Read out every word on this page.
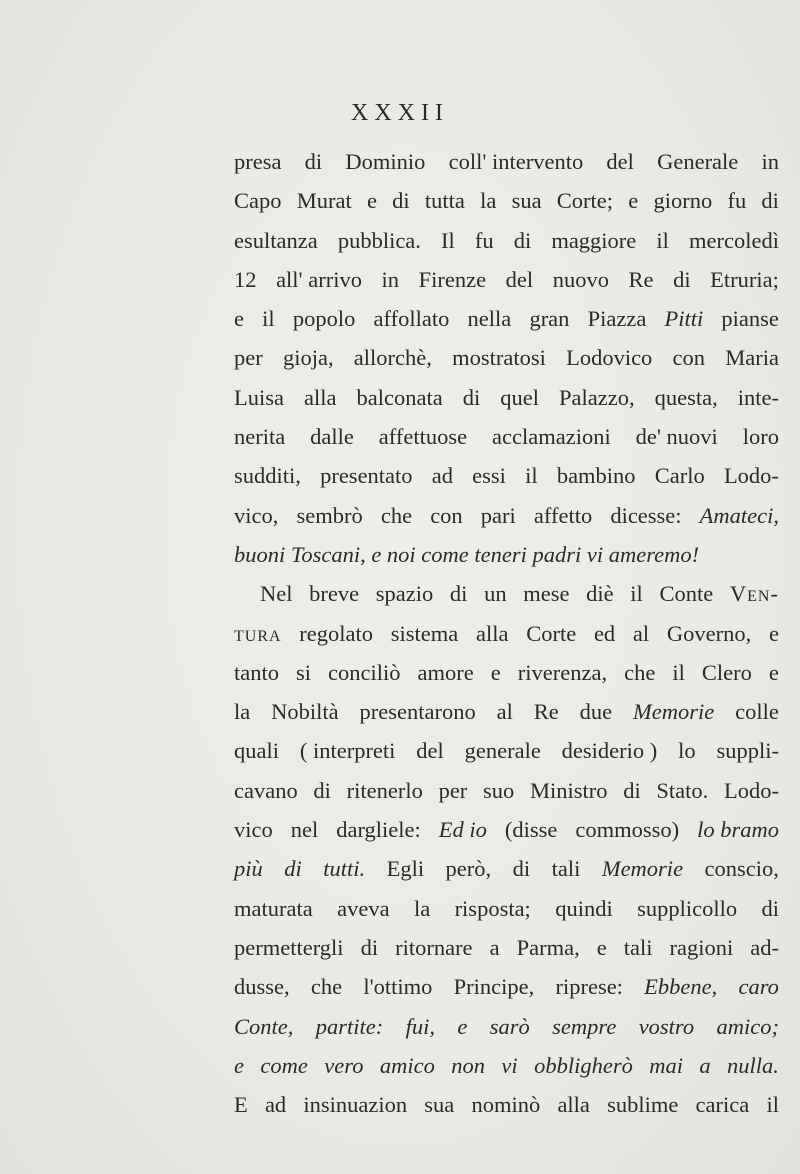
XXXII
presa di Dominio coll' intervento del Generale in
Capo Murat e di tutta la sua Corte; e giorno fu di
esultanza pubblica. Il fu di maggiore il mercoledì
12 all' arrivo in Firenze del nuovo Re di Etruria;
e il popolo affollato nella gran Piazza Pitti pianse
per gioja, allorchè, mostratosi Lodovico con Maria
Luisa alla balconata di quel Palazzo, questa, inte-
nerita dalle affettuose acclamazioni de' nuovi loro
sudditi, presentato ad essi il bambino Carlo Lodo-
vico, sembrò che con pari affetto dicesse: Amateci,
buoni Toscani, e noi come teneri padri vi ameremo!
Nel breve spazio di un mese diè il Conte Ven-
tura regolato sistema alla Corte ed al Governo, e
tanto si conciliò amore e riverenza, che il Clero e
la Nobiltà presentarono al Re due Memorie colle
quali ( interpreti del generale desiderio ) lo suppli-
cavano di ritenerlo per suo Ministro di Stato. Lodo-
vico nel dargliele: Ed io (disse commosso) lo bramo
più di tutti. Egli però, di tali Memorie conscio,
maturata aveva la risposta; quindi supplicollo di
permettergli di ritornare a Parma, e tali ragioni ad-
dusse, che l'ottimo Principe, riprese: Ebbene, caro
Conte, partite: fui, e sarò sempre vostro amico;
e come vero amico non vi obbligherò mai a nulla.
E ad insinuazion sua nominò alla sublime carica il
